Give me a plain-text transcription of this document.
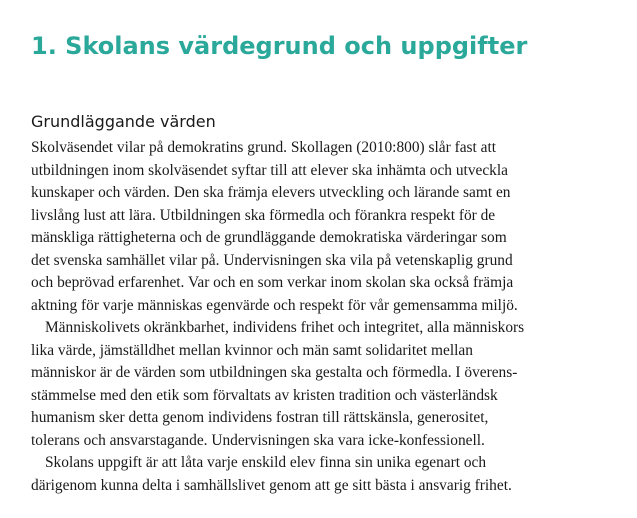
1. Skolans värdegrund och uppgifter
Grundläggande värden
Skolväsendet vilar på demokratins grund. Skollagen (2010:800) slår fast att
utbildningen inom skolväsendet syftar till att elever ska inhämta och utveckla
kunskaper och värden. Den ska främja elevers utveckling och lärande samt en
livslång lust att lära. Utbildningen ska förmedla och förankra respekt för de
mänskliga rättigheterna och de grundläggande demokratiska värderingar som
det svenska samhället vilar på. Undervisningen ska vila på vetenskaplig grund
och beprövad erfarenhet. Var och en som verkar inom skolan ska också främja
aktning för varje människas egenvärde och respekt för vår gemensamma miljö.
Människolivets okränkbarhet, individens frihet och integritet, alla människors
lika värde, jämställdhet mellan kvinnor och män samt solidaritet mellan
människor är de värden som utbildningen ska gestalta och förmedla. I överens-
stämmelse med den etik som förvaltats av kristen tradition och västerländsk
humanism sker detta genom individens fostran till rättskänsla, generositet,
tolerans och ansvarstagande. Undervisningen ska vara icke-konfessionell.
Skolans uppgift är att låta varje enskild elev finna sin unika egenart och
därigenom kunna delta i samhällslivet genom att ge sitt bästa i ansvarig frihet.
